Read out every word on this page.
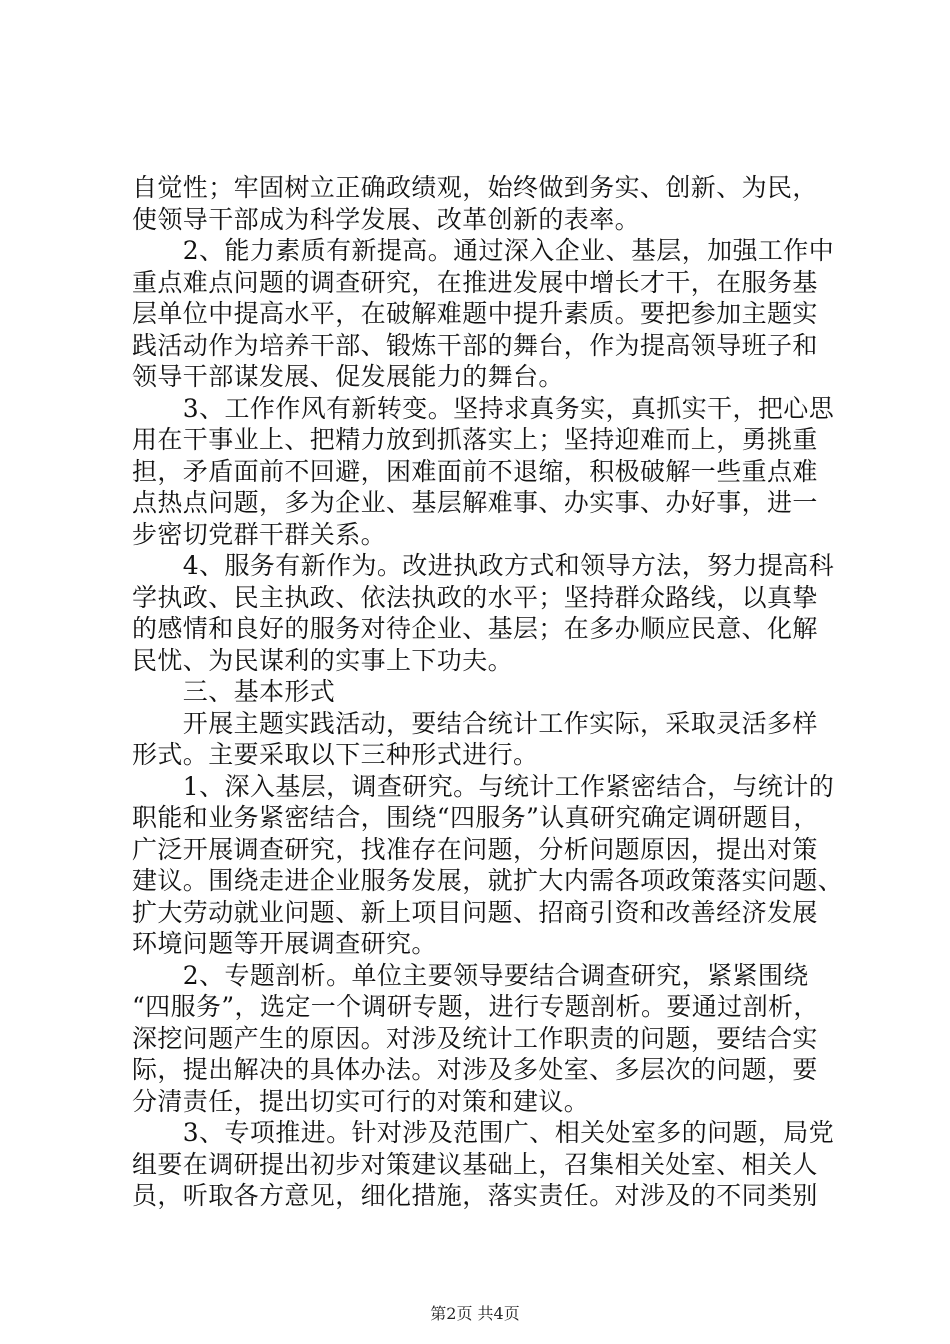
自觉性；牢固树立正确政绩观，始终做到务实、创新、为民，
使领导干部成为科学发展、改革创新的表率。
　　2、能力素质有新提高。通过深入企业、基层，加强工作中
重点难点问题的调查研究，在推进发展中增长才干，在服务基
层单位中提高水平，在破解难题中提升素质。要把参加主题实
践活动作为培养干部、锻炼干部的舞台，作为提高领导班子和
领导干部谋发展、促发展能力的舞台。
　　3、工作作风有新转变。坚持求真务实，真抓实干，把心思
用在干事业上、把精力放到抓落实上；坚持迎难而上，勇挑重
担，矛盾面前不回避，困难面前不退缩，积极破解一些重点难
点热点问题，多为企业、基层解难事、办实事、办好事，进一
步密切党群干群关系。
　　4、服务有新作为。改进执政方式和领导方法，努力提高科
学执政、民主执政、依法执政的水平；坚持群众路线，以真挚
的感情和良好的服务对待企业、基层；在多办顺应民意、化解
民忧、为民谋利的实事上下功夫。
　　三、基本形式
　　开展主题实践活动，要结合统计工作实际，采取灵活多样
形式。主要采取以下三种形式进行。
　　1、深入基层，调查研究。与统计工作紧密结合，与统计的
职能和业务紧密结合，围绕“四服务”认真研究确定调研题目，
广泛开展调查研究，找准存在问题，分析问题原因，提出对策
建议。围绕走进企业服务发展，就扩大内需各项政策落实问题、
扩大劳动就业问题、新上项目问题、招商引资和改善经济发展
环境问题等开展调查研究。
　　2、专题剖析。单位主要领导要结合调查研究，紧紧围绕
“四服务”，选定一个调研专题，进行专题剖析。要通过剖析，
深挖问题产生的原因。对涉及统计工作职责的问题，要结合实
际，提出解决的具体办法。对涉及多处室、多层次的问题，要
分清责任，提出切实可行的对策和建议。
　　3、专项推进。针对涉及范围广、相关处室多的问题，局党
组要在调研提出初步对策建议基础上，召集相关处室、相关人
员，听取各方意见，细化措施，落实责任。对涉及的不同类别
第2页 共4页
